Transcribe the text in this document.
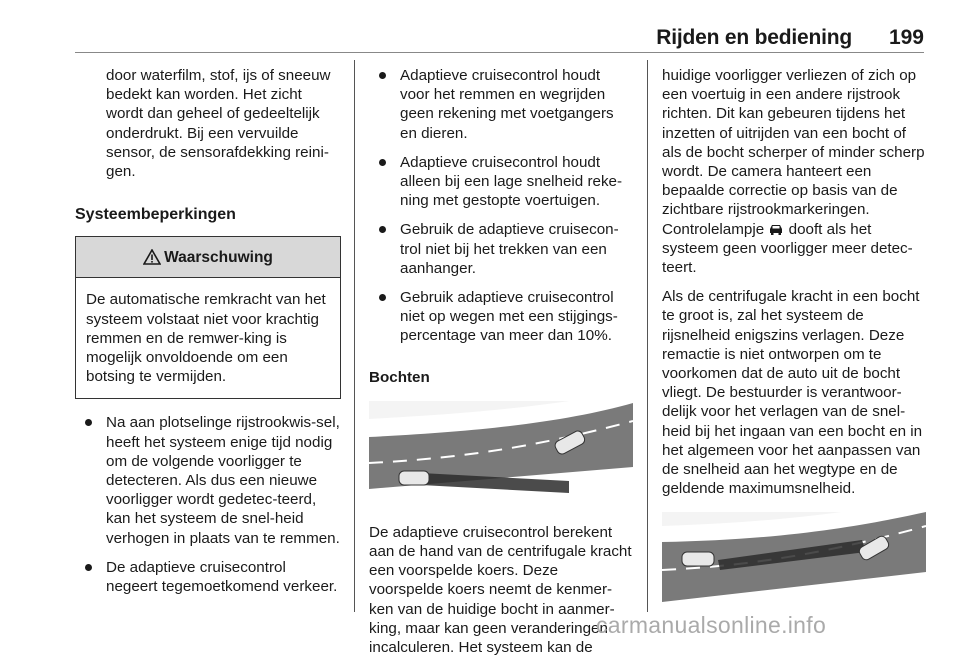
Rijden en bediening 199

door waterfilm, stof, ijs of sneeuw bedekt kan worden. Het zicht wordt dan geheel of gedeeltelijk onderdrukt. Bij een vervuilde sensor, de sensorafdekking reini-gen.

Systeembeperkingen
Waarschuwing
De automatische remkracht van het systeem volstaat niet voor krachtig remmen en de remwer-king is mogelijk onvoldoende om een botsing te vermijden.
Na aan plotselinge rijstrookwis-sel, heeft het systeem enige tijd nodig om de volgende voorligger te detecteren. Als dus een nieuwe voorligger wordt gedetec-teerd, kan het systeem de snel-heid verhogen in plaats van te remmen.
De adaptieve cruisecontrol negeert tegemoetkomend verkeer.
Adaptieve cruisecontrol houdt voor het remmen en wegrijden geen rekening met voetgangers en dieren.
Adaptieve cruisecontrol houdt alleen bij een lage snelheid reke-ning met gestopte voertuigen.
Gebruik de adaptieve cruisecon-trol niet bij het trekken van een aanhanger.
Gebruik adaptieve cruisecontrol niet op wegen met een stijgings-percentage van meer dan 10%.
Bochten

De adaptieve cruisecontrol berekent aan de hand van de centrifugale kracht een voorspelde koers. Deze voorspelde koers neemt de kenmer-ken van de huidige bocht in aanmer-king, maar kan geen veranderingen incalculeren. Het systeem kan de

huidige voorligger verliezen of zich op een voertuig in een andere rijstrook richten. Dit kan gebeuren tijdens het inzetten of uitrijden van een bocht of als de bocht scherper of minder scherp wordt. De camera hanteert een bepaalde correctie op basis van de zichtbare rijstrookmarkeringen. Controlelampje dooft als het systeem geen voorligger meer detec-teert.

Als de centrifugale kracht in een bocht te groot is, zal het systeem de rijsnelheid enigszins verlagen. Deze remactie is niet ontworpen om te voorkomen dat de auto uit de bocht vliegt. De bestuurder is verantwoor-delijk voor het verlagen van de snel-heid bij het ingaan van een bocht en in het algemeen voor het aanpassen van de snelheid aan het wegtype en de geldende maximumsnelheid.

carmanualsonline.info
